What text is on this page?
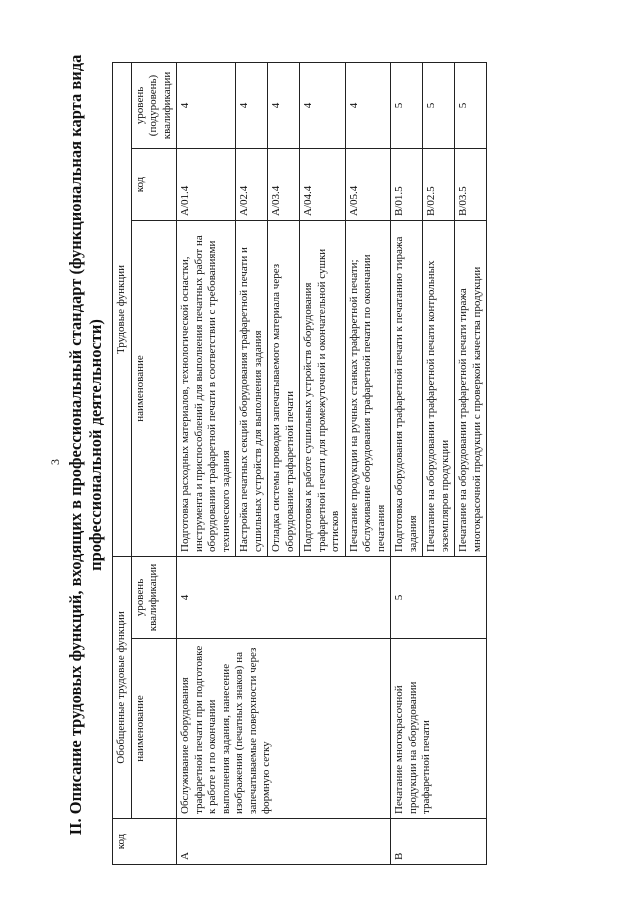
3 II. Описание трудовых функций, входящих в профессиональный стандарт (функциональная карта вида профессиональной деятельности)
код	Обобщенные трудовые функции		Трудовые функции		
	наименование	уровень квалификации	наименование	код	уровень (подуровень) квалификации
А	Обслуживание оборудования трафаретной печати при подготовке к работе и по окончании выполнения задания, нанесение изображения (печатных знаков) на запечатываемые поверхности через формную сетку	4	Подготовка расходных материалов, технологической оснастки, инструмента и приспособлений для выполнения печатных работ на оборудовании трафаретной печати в соответствии с требованиями технического задания	A/01.4	4
			Настройка печатных секций оборудования трафаретной печати и сушильных устройств для выполнения задания	A/02.4	4
			Отладка системы проводки запечатываемого материала через оборудование трафаретной печати	A/03.4	4
			Подготовка к работе сушильных устройств оборудования трафаретной печати для промежуточной и окончательной сушки оттисков	A/04.4	4
			Печатание продукции на ручных станках трафаретной печати; обслуживание оборудования трафаретной печати по окончании печатания	A/05.4	4
B	Печатание многокрасочной продукции на оборудовании трафаретной печати	5	Подготовка оборудования трафаретной печати к печатанию тиража задания	B/01.5	5
			Печатание на оборудовании трафаретной печати контрольных экземпляров продукции	B/02.5	5
			Печатание на оборудовании трафаретной печати тиража многокрасочной продукции с проверкой качества продукции	B/03.5	5
